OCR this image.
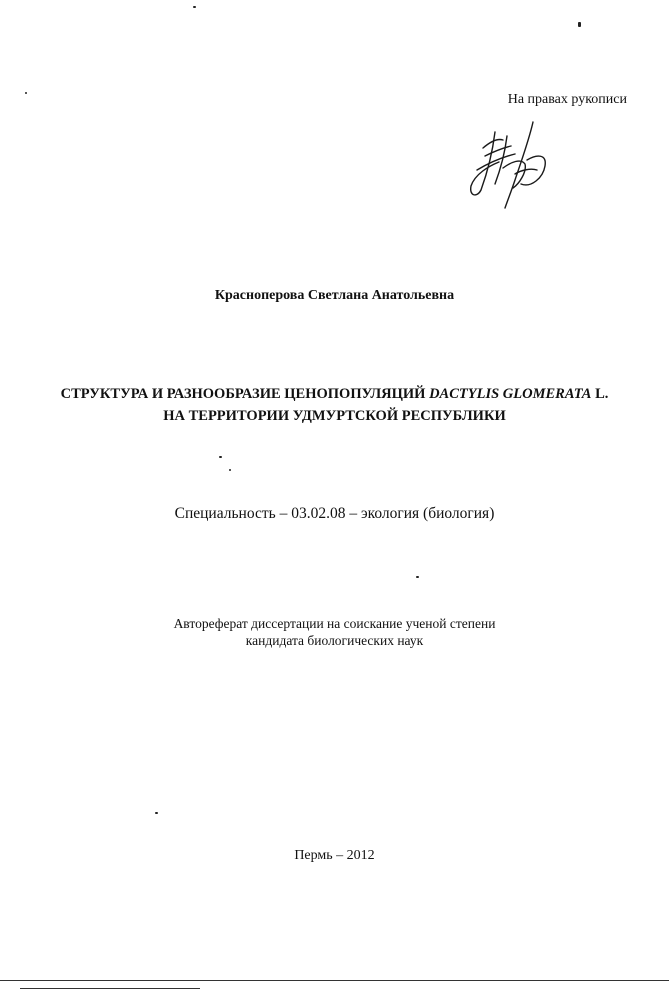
На правах рукописи
Красноперова Светлана Анатольевна
СТРУКТУРА И РАЗНООБРАЗИЕ ЦЕНОПОПУЛЯЦИЙ DACTYLIS GLOMERATA L.
НА ТЕРРИТОРИИ УДМУРТСКОЙ РЕСПУБЛИКИ
Специальность – 03.02.08 – экология (биология)
Автореферат диссертации на соискание ученой степени
кандидата биологических наук
Пермь – 2012
